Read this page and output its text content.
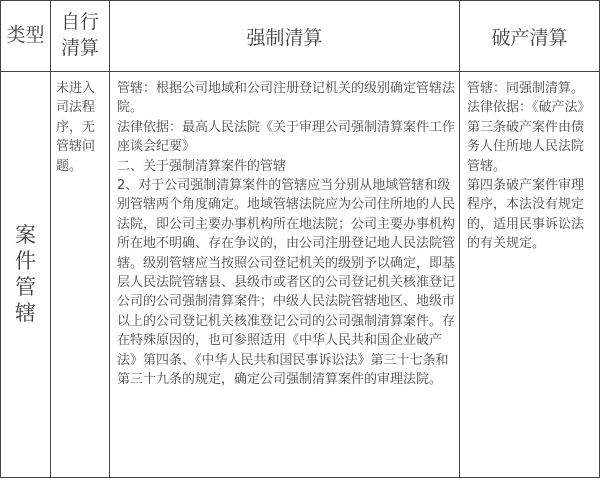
类型
自行清算	强制清算	破产清算
案件管辖
未进入司法程序，无管辖问题。
管辖：根据公司地域和公司注册登记机关的级别确定管辖法院。
法律依据：最高人民法院《关于审理公司强制清算案件工作座谈会纪要》
二、关于强制清算案件的管辖
2、对于公司强制清算案件的管辖应当分别从地域管辖和级别管辖两个角度确定。地域管辖法院应为公司住所地的人民法院，即公司主要办事机构所在地法院；公司主要办事机构所在地不明确、存在争议的，由公司注册登记地人民法院管辖。级别管辖应当按照公司登记机关的级别予以确定，即基层人民法院管辖县、县级市或者区的公司登记机关核准登记公司的公司强制清算案件；中级人民法院管辖地区、地级市以上的公司登记机关核准登记公司的公司强制清算案件。存在特殊原因的，也可参照适用《中华人民共和国企业破产法》第四条、《中华人民共和国民事诉讼法》第三十七条和第三十九条的规定，确定公司强制清算案件的审理法院。
管辖：同强制清算。
法律依据：《破产法》
第三条破产案件由债务人住所地人民法院管辖。
第四条破产案件审理程序，本法没有规定的，适用民事诉讼法的有关规定。
